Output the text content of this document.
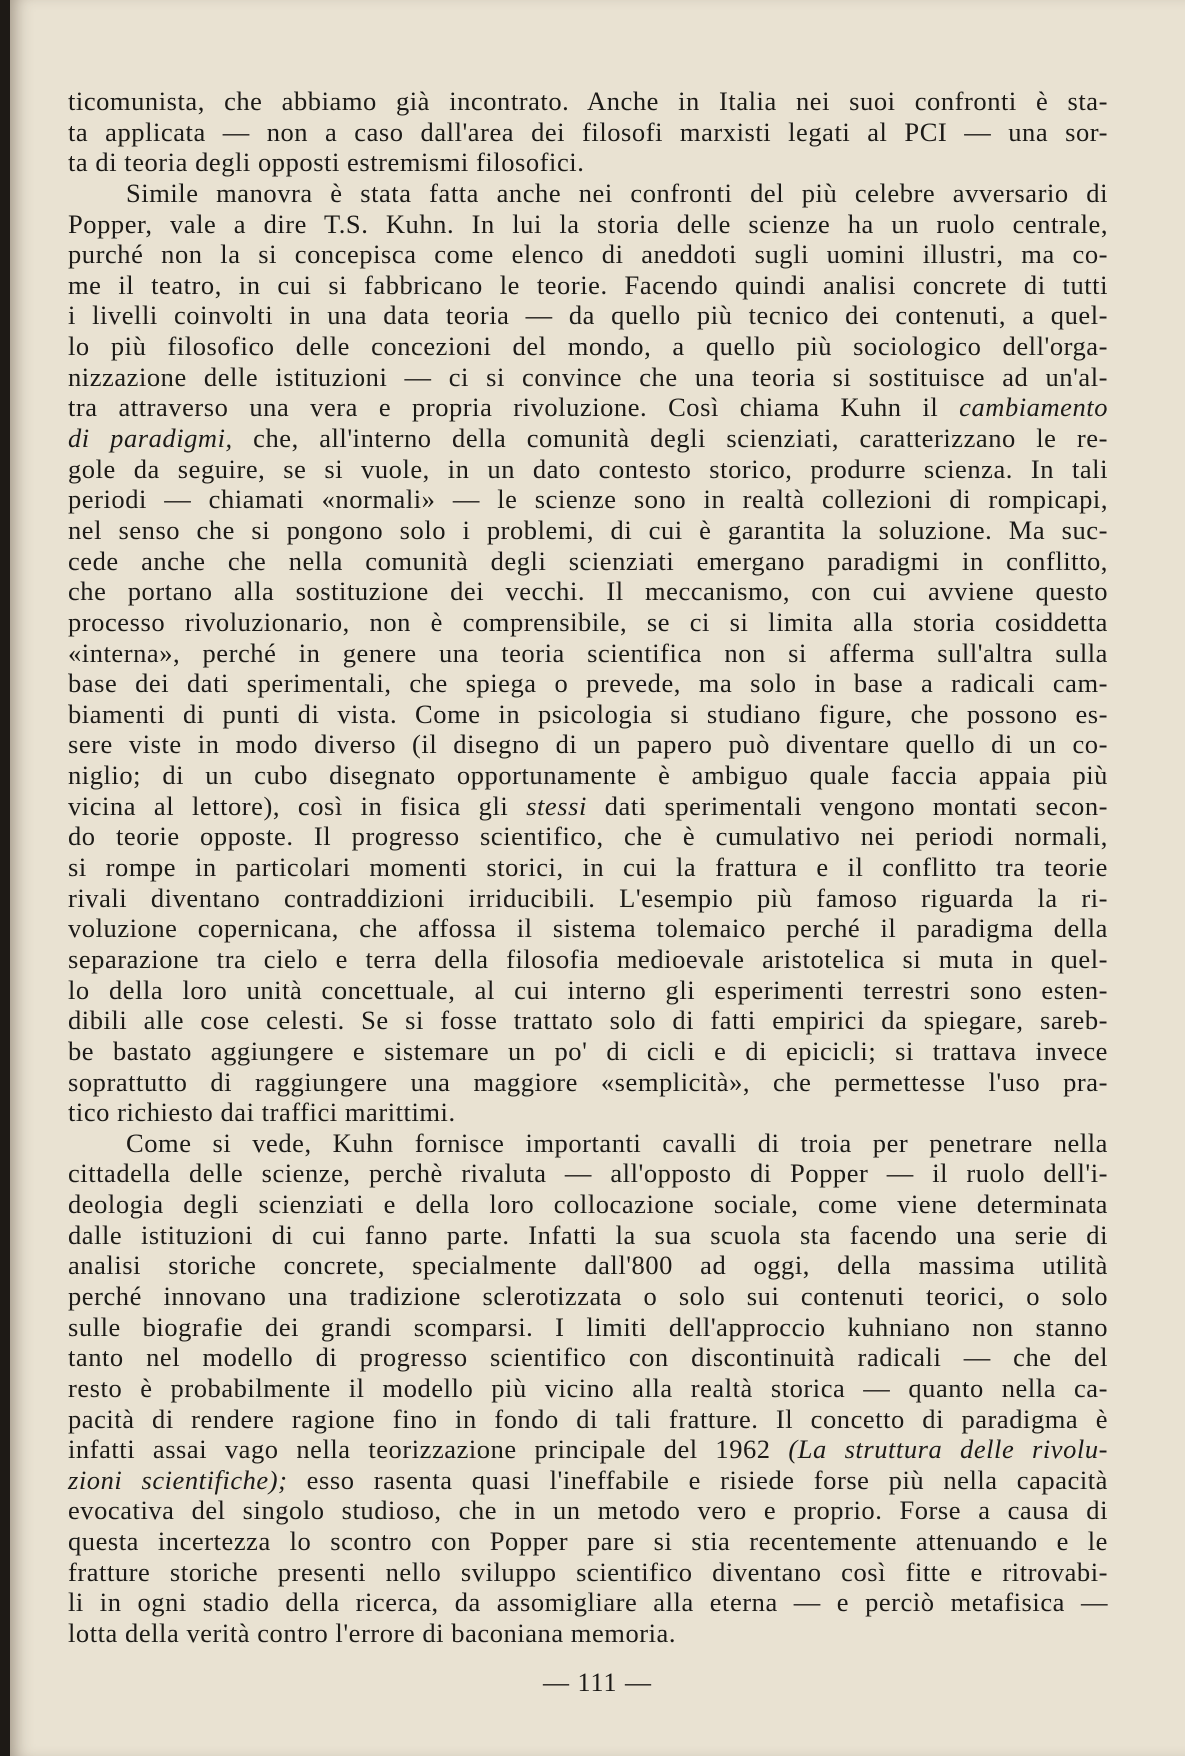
ticomunista, che abbiamo già incontrato. Anche in Italia nei suoi confronti è sta-
ta applicata — non a caso dall'area dei filosofi marxisti legati al PCI — una sor-
ta di teoria degli opposti estremismi filosofici.
Simile manovra è stata fatta anche nei confronti del più celebre avversario di
Popper, vale a dire T.S. Kuhn. In lui la storia delle scienze ha un ruolo centrale,
purché non la si concepisca come elenco di aneddoti sugli uomini illustri, ma co-
me il teatro, in cui si fabbricano le teorie. Facendo quindi analisi concrete di tutti
i livelli coinvolti in una data teoria — da quello più tecnico dei contenuti, a quel-
lo più filosofico delle concezioni del mondo, a quello più sociologico dell'orga-
nizzazione delle istituzioni — ci si convince che una teoria si sostituisce ad un'al-
tra attraverso una vera e propria rivoluzione. Così chiama Kuhn il cambiamento
di paradigmi, che, all'interno della comunità degli scienziati, caratterizzano le re-
gole da seguire, se si vuole, in un dato contesto storico, produrre scienza. In tali
periodi — chiamati «normali» — le scienze sono in realtà collezioni di rompicapi,
nel senso che si pongono solo i problemi, di cui è garantita la soluzione. Ma suc-
cede anche che nella comunità degli scienziati emergano paradigmi in conflitto,
che portano alla sostituzione dei vecchi. Il meccanismo, con cui avviene questo
processo rivoluzionario, non è comprensibile, se ci si limita alla storia cosiddetta
«interna», perché in genere una teoria scientifica non si afferma sull'altra sulla
base dei dati sperimentali, che spiega o prevede, ma solo in base a radicali cam-
biamenti di punti di vista. Come in psicologia si studiano figure, che possono es-
sere viste in modo diverso (il disegno di un papero può diventare quello di un co-
niglio; di un cubo disegnato opportunamente è ambiguo quale faccia appaia più
vicina al lettore), così in fisica gli stessi dati sperimentali vengono montati secon-
do teorie opposte. Il progresso scientifico, che è cumulativo nei periodi normali,
si rompe in particolari momenti storici, in cui la frattura e il conflitto tra teorie
rivali diventano contraddizioni irriducibili. L'esempio più famoso riguarda la ri-
voluzione copernicana, che affossa il sistema tolemaico perché il paradigma della
separazione tra cielo e terra della filosofia medioevale aristotelica si muta in quel-
lo della loro unità concettuale, al cui interno gli esperimenti terrestri sono esten-
dibili alle cose celesti. Se si fosse trattato solo di fatti empirici da spiegare, sareb-
be bastato aggiungere e sistemare un po' di cicli e di epicicli; si trattava invece
soprattutto di raggiungere una maggiore «semplicità», che permettesse l'uso pra-
tico richiesto dai traffici marittimi.
Come si vede, Kuhn fornisce importanti cavalli di troia per penetrare nella
cittadella delle scienze, perchè rivaluta — all'opposto di Popper — il ruolo dell'i-
deologia degli scienziati e della loro collocazione sociale, come viene determinata
dalle istituzioni di cui fanno parte. Infatti la sua scuola sta facendo una serie di
analisi storiche concrete, specialmente dall'800 ad oggi, della massima utilità
perché innovano una tradizione sclerotizzata o solo sui contenuti teorici, o solo
sulle biografie dei grandi scomparsi. I limiti dell'approccio kuhniano non stanno
tanto nel modello di progresso scientifico con discontinuità radicali — che del
resto è probabilmente il modello più vicino alla realtà storica — quanto nella ca-
pacità di rendere ragione fino in fondo di tali fratture. Il concetto di paradigma è
infatti assai vago nella teorizzazione principale del 1962 (La struttura delle rivolu-
zioni scientifiche); esso rasenta quasi l'ineffabile e risiede forse più nella capacità
evocativa del singolo studioso, che in un metodo vero e proprio. Forse a causa di
questa incertezza lo scontro con Popper pare si stia recentemente attenuando e le
fratture storiche presenti nello sviluppo scientifico diventano così fitte e ritrovabi-
li in ogni stadio della ricerca, da assomigliare alla eterna — e perciò metafisica —
lotta della verità contro l'errore di baconiana memoria.
— 111 —
